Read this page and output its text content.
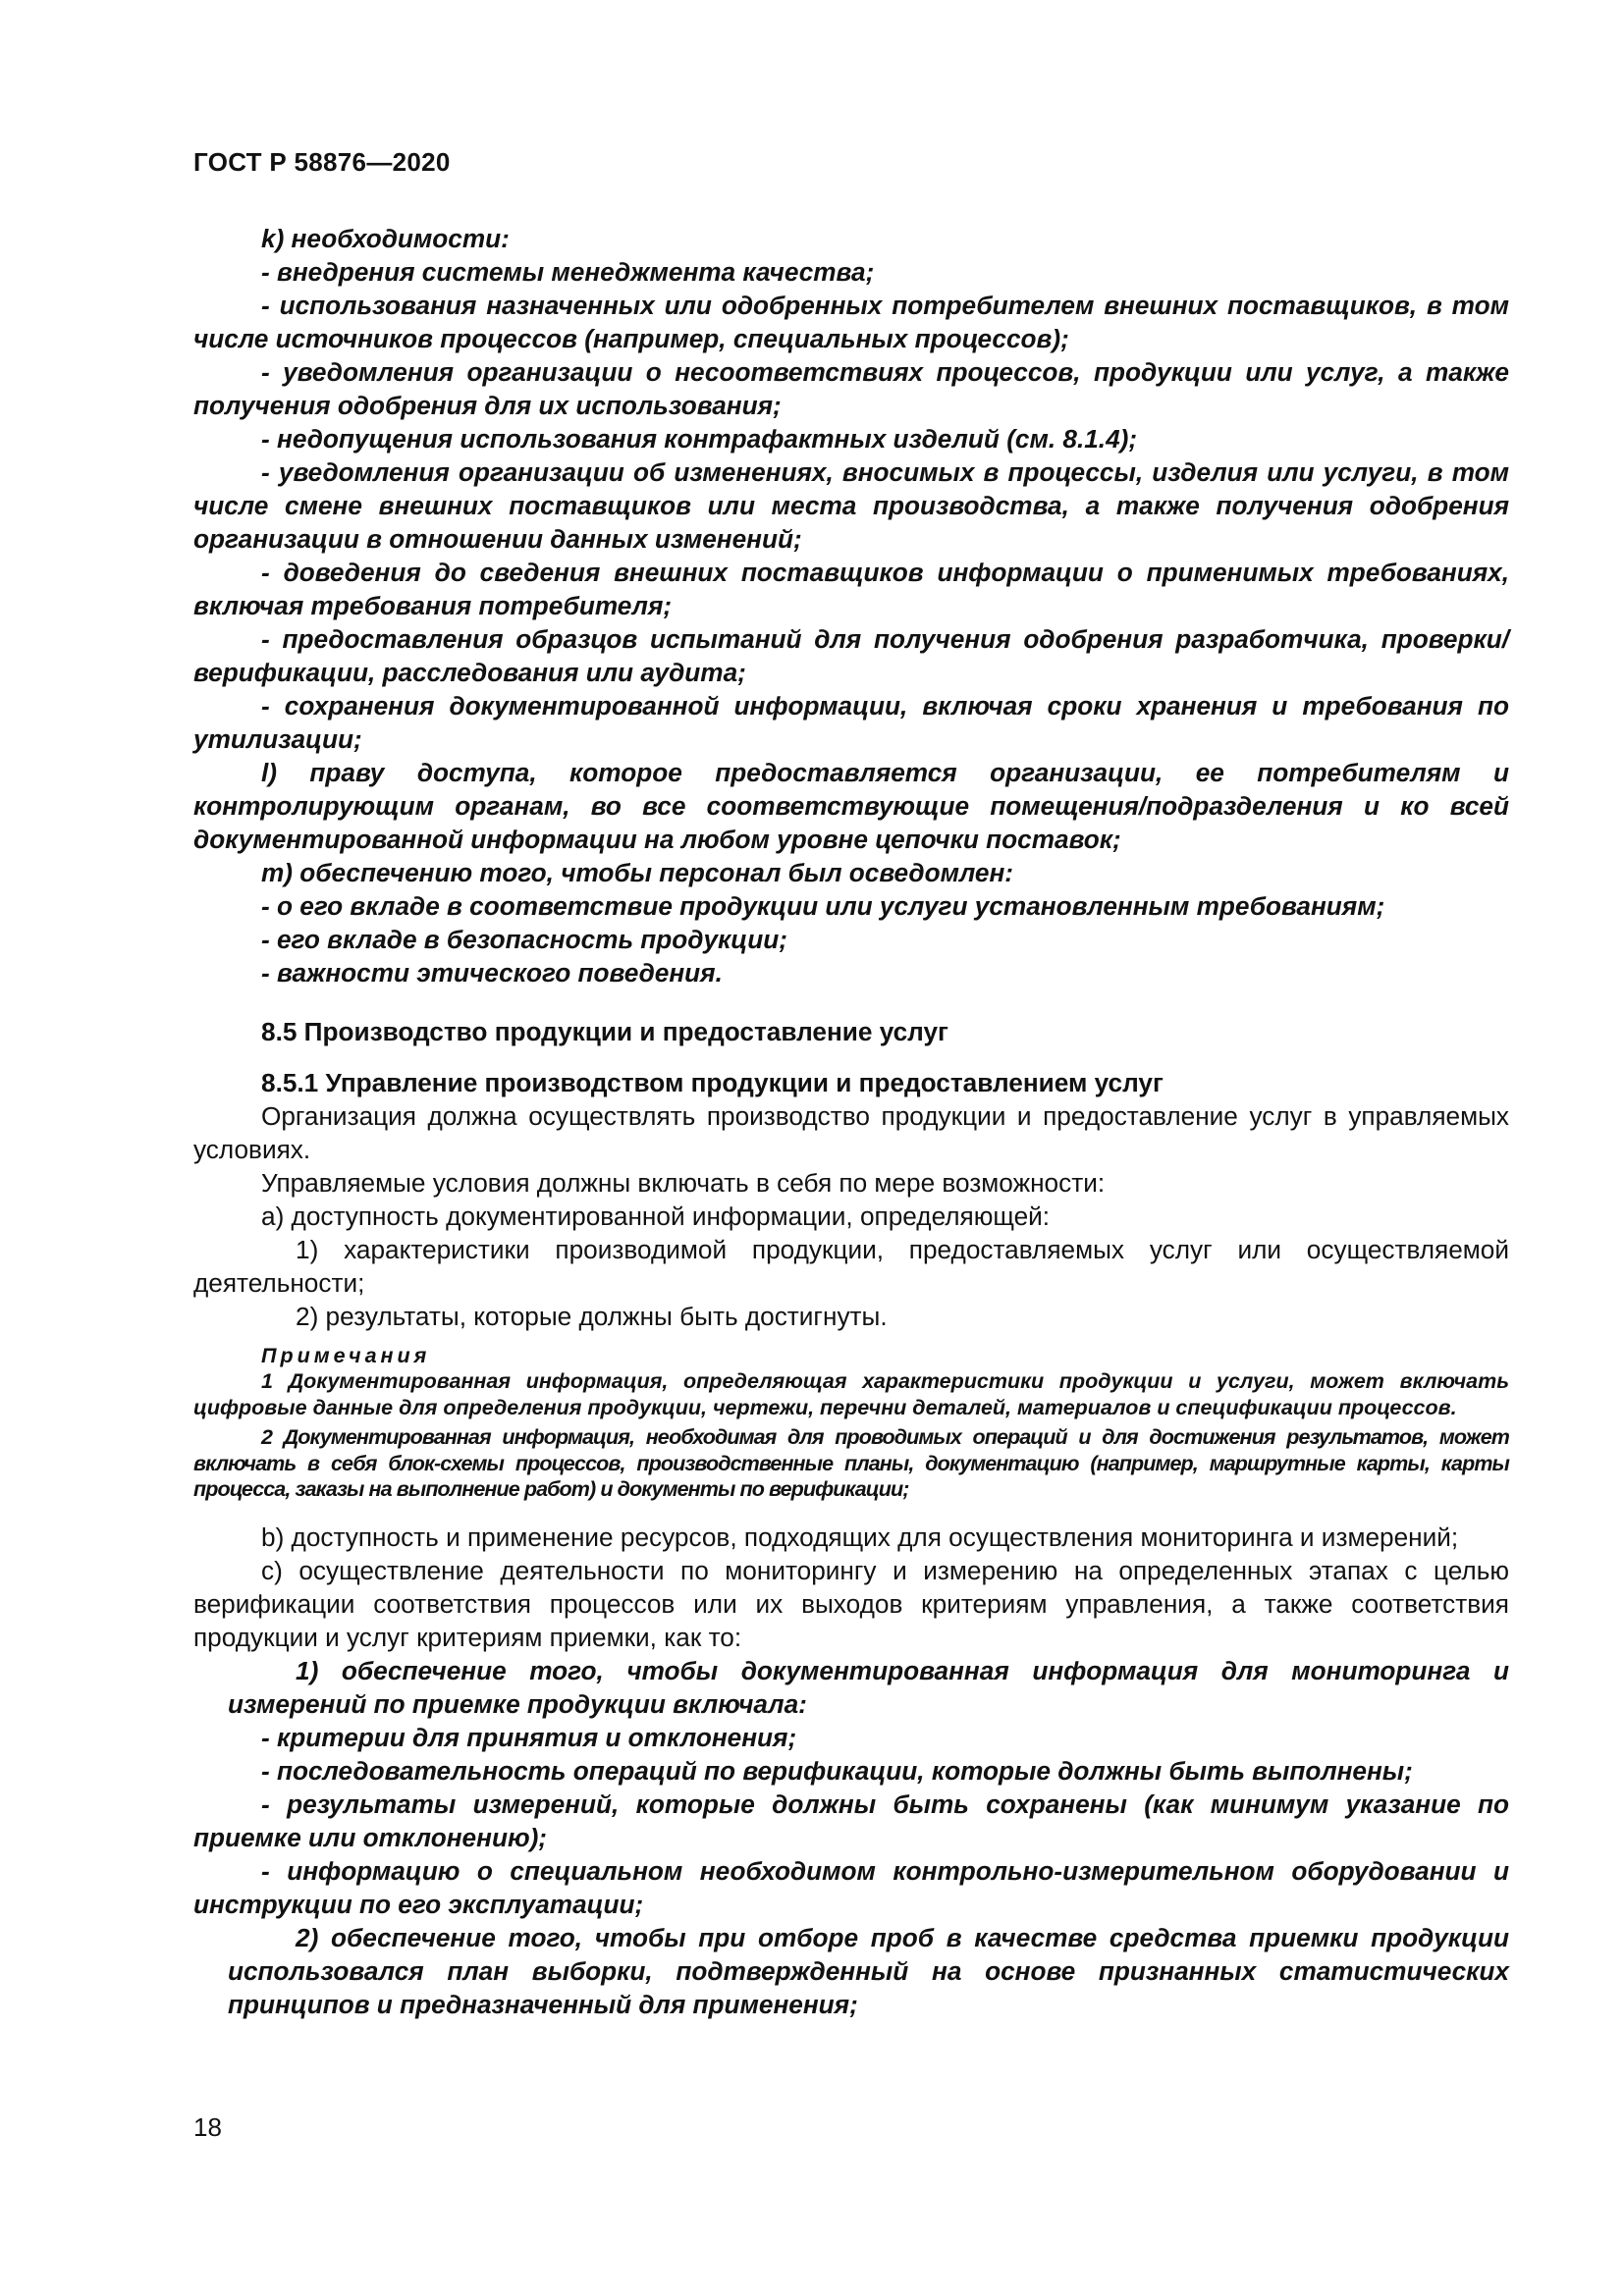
ГОСТ Р 58876—2020

k) необходимости:

- внедрения системы менеджмента качества;

- использования назначенных или одобренных потребителем внешних поставщиков, в том числе источников процессов (например, специальных процессов);

- уведомления организации о несоответствиях процессов, продукции или услуг, а также получения одобрения для их использования;

- недопущения использования контрафактных изделий (см. 8.1.4);

- уведомления организации об изменениях, вносимых в процессы, изделия или услуги, в том числе смене внешних поставщиков или места производства, а также получения одобрения организации в отношении данных изменений;

- доведения до сведения внешних поставщиков информации о применимых требованиях, включая требования потребителя;

- предоставления образцов испытаний для получения одобрения разработчика, проверки/верификации, расследования или аудита;

- сохранения документированной информации, включая сроки хранения и требования по утилизации;

l) праву доступа, которое предоставляется организации, ее потребителям и контролирующим органам, во все соответствующие помещения/подразделения и ко всей документированной информации на любом уровне цепочки поставок;

m) обеспечению того, чтобы персонал был осведомлен:

- о его вкладе в соответствие продукции или услуги установленным требованиям;

- его вкладе в безопасность продукции;

- важности этического поведения.

8.5 Производство продукции и предоставление услуг

8.5.1 Управление производством продукции и предоставлением услуг

Организация должна осуществлять производство продукции и предоставление услуг в управляемых условиях.

Управляемые условия должны включать в себя по мере возможности:

а) доступность документированной информации, определяющей:

1) характеристики производимой продукции, предоставляемых услуг или осуществляемой деятельности;

2) результаты, которые должны быть достигнуты.

Примечания

1 Документированная информация, определяющая характеристики продукции и услуги, может включать цифровые данные для определения продукции, чертежи, перечни деталей, материалов и спецификации процессов.

2 Документированная информация, необходимая для проводимых операций и для достижения результатов, может включать в себя блок-схемы процессов, производственные планы, документацию (например, маршрутные карты, карты процесса, заказы на выполнение работ) и документы по верификации;

b) доступность и применение ресурсов, подходящих для осуществления мониторинга и измерений;

с) осуществление деятельности по мониторингу и измерению на определенных этапах с целью верификации соответствия процессов или их выходов критериям управления, а также соответствия продукции и услуг критериям приемки, как то:

1) обеспечение того, чтобы документированная информация для мониторинга и измерений по приемке продукции включала:

- критерии для принятия и отклонения;

- последовательность операций по верификации, которые должны быть выполнены;

- результаты измерений, которые должны быть сохранены (как минимум указание по приемке или отклонению);

- информацию о специальном необходимом контрольно-измерительном оборудовании и инструкции по его эксплуатации;

2) обеспечение того, чтобы при отборе проб в качестве средства приемки продукции использовался план выборки, подтвержденный на основе признанных статистических принципов и предназначенный для применения;

18
